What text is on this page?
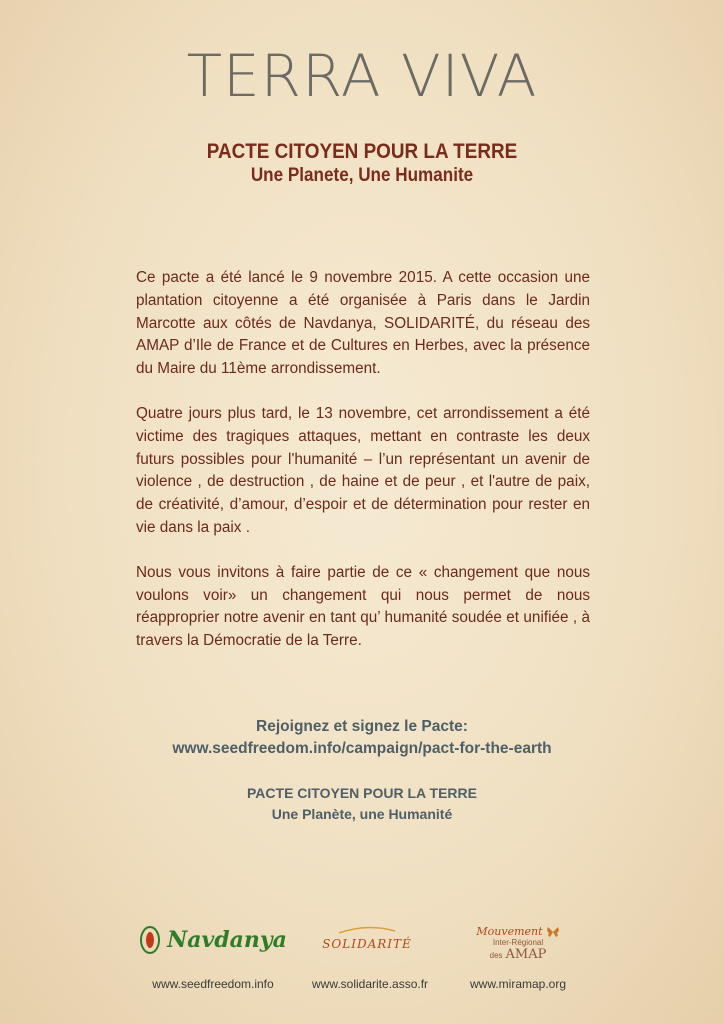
TERRA VIVA
PACTE CITOYEN POUR LA TERRE
Une Planete, Une Humanite

Ce pacte a été lancé le 9 novembre 2015. A cette occasion une plantation citoyenne a été organisée à Paris dans le Jardin Marcotte aux côtés de Navdanya, SOLIDARITÉ, du réseau des AMAP d’Ile de France et de Cultures en Herbes, avec la présence du Maire du 11ème arrondissement.

Quatre jours plus tard, le 13 novembre, cet arrondissement a été victime des tragiques attaques, mettant en contraste les deux futurs possibles pour l'humanité – l’un représentant un avenir de violence , de destruction , de haine et de peur , et l'autre de paix, de créativité, d’amour, d’espoir et de détermination pour rester en vie dans la paix .

Nous vous invitons à faire partie de ce « changement que nous voulons voir» un changement qui nous permet de nous réapproprier notre avenir en tant qu’ humanité soudée et unifiée , à travers la Démocratie de la Terre.

Rejoignez et signez le Pacte:
www.seedfreedom.info/campaign/pact-for-the-earth
PACTE CITOYEN POUR LA TERRE
Une Planète, une Humanité
Navdanya
www.seedfreedom.info
SOLIDARITÉ
www.solidarite.asso.fr
Mouvement
Inter-Régional
des AMAP
www.miramap.org
